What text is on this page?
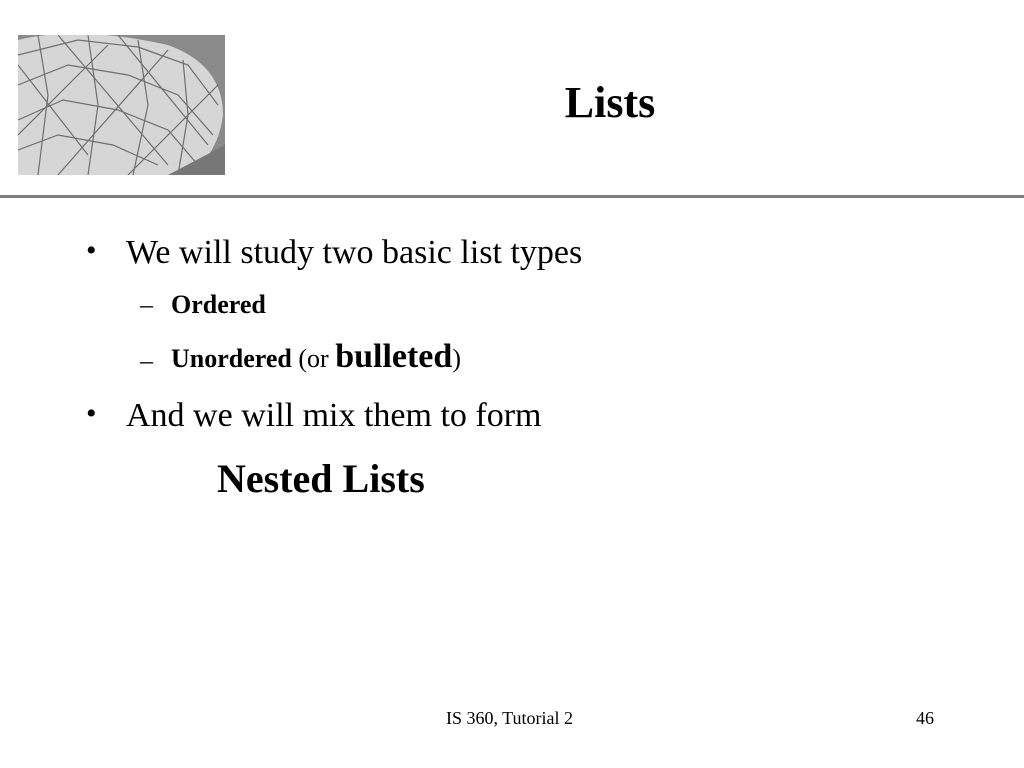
Lists
• We will study two basic list types
– Ordered
– Unordered (or bulleted)
• And we will mix them to form
Nested Lists
IS 360, Tutorial 2	46
